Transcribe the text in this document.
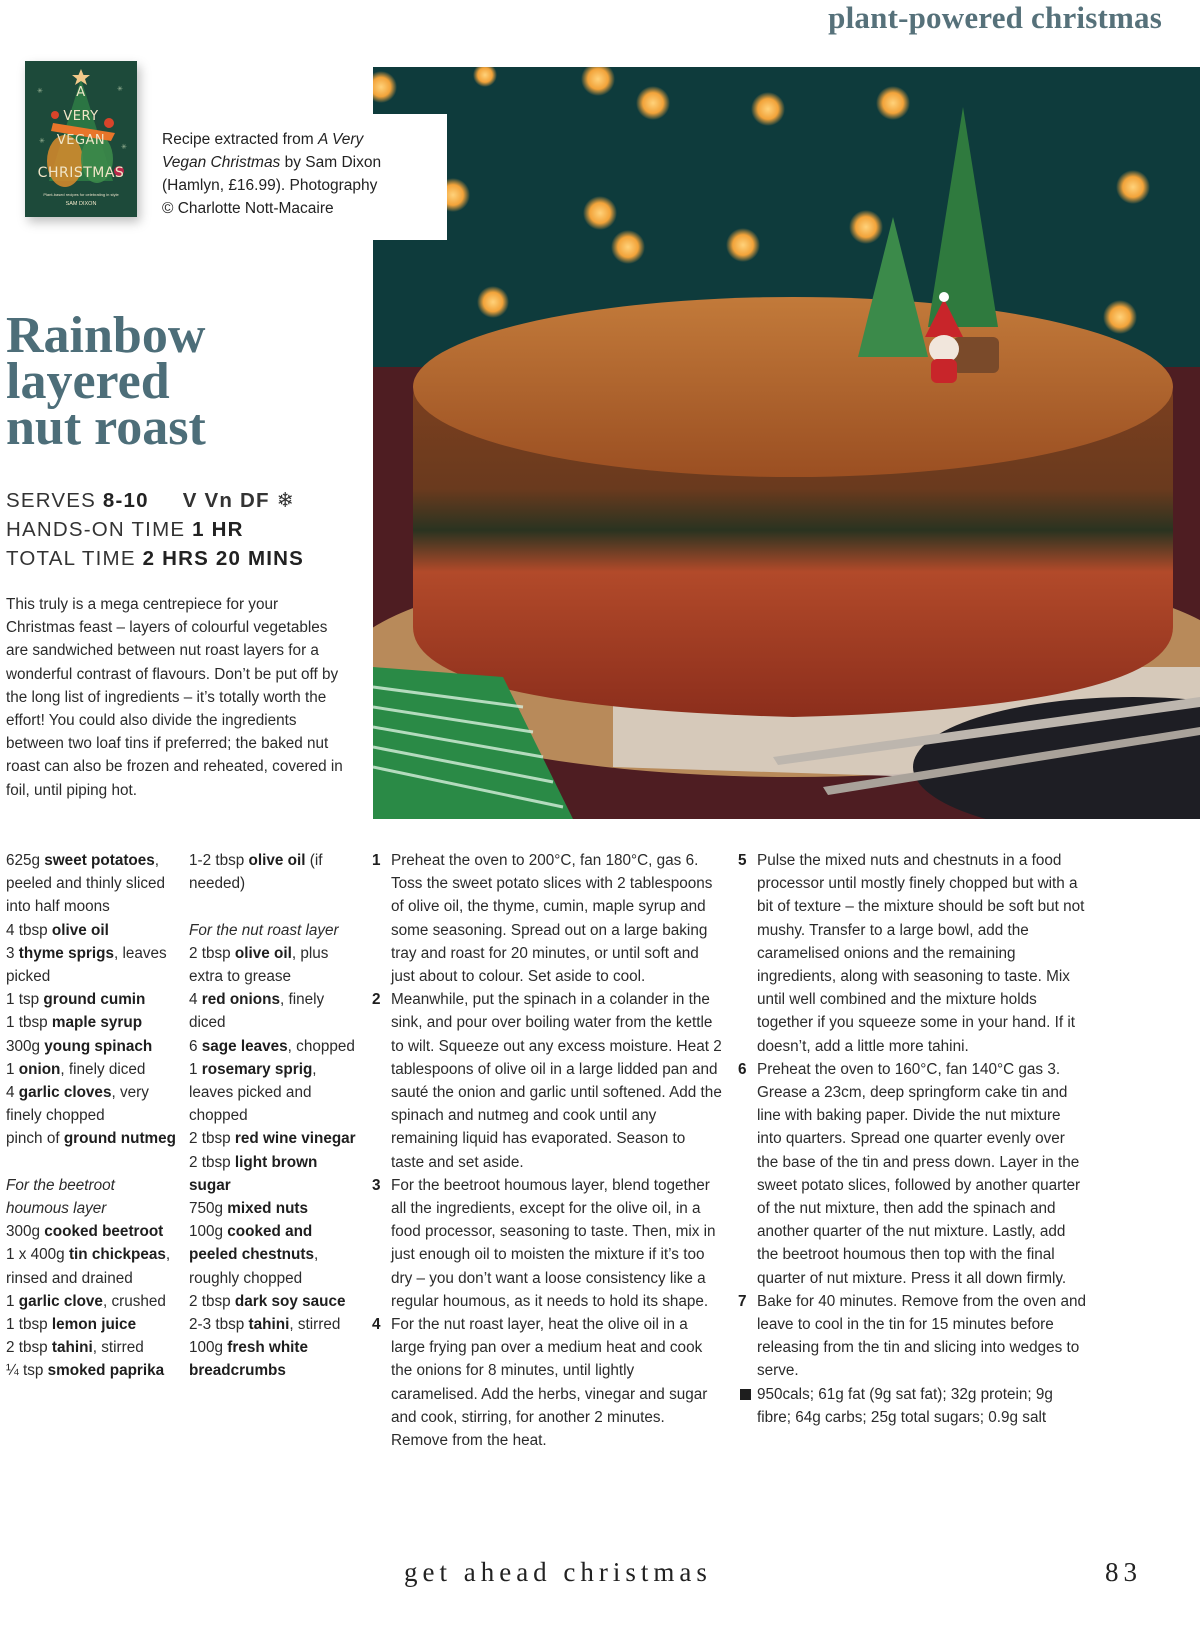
plant-powered christmas
✳	✳
✳
✳
A
VERY
VEGAN
CHRISTMAS
Plant-based recipes for celebrating in style
SAM DIXON
Recipe extracted from A Very
Vegan Christmas by Sam Dixon
(Hamlyn, £16.99). Photography
© Charlotte Nott-Macaire
Rainbow
layered
nut roast
SERVES 8-10 V Vn DF ❄
HANDS-ON TIME 1 HR
TOTAL TIME 2 HRS 20 MINS

This truly is a mega centrepiece for your Christmas feast – layers of colourful vegetables are sandwiched between nut roast layers for a wonderful contrast of flavours. Don’t be put off by the long list of ingredients – it’s totally worth the effort! You could also divide the ingredients between two loaf tins if preferred; the baked nut roast can also be frozen and reheated, covered in foil, until piping hot.

625g sweet potatoes, peeled and thinly sliced into half moons

4 tbsp olive oil

3 thyme sprigs, leaves picked

1 tsp ground cumin

1 tbsp maple syrup

300g young spinach

1 onion, finely diced

4 garlic cloves, very finely chopped

pinch of ground nutmeg

For the beetroot houmous layer

300g cooked beetroot

1 x 400g tin chickpeas, rinsed and drained

1 garlic clove, crushed

1 tbsp lemon juice

2 tbsp tahini, stirred

¼ tsp smoked paprika

1-2 tbsp olive oil (if needed)

For the nut roast layer

2 tbsp olive oil, plus extra to grease

4 red onions, finely diced

6 sage leaves, chopped

1 rosemary sprig, leaves picked and chopped

2 tbsp red wine vinegar

2 tbsp light brown sugar

750g mixed nuts

100g cooked and peeled chestnuts, roughly chopped

2 tbsp dark soy sauce

2-3 tbsp tahini, stirred

100g fresh white breadcrumbs

1 Preheat the oven to 200°C, fan 180°C, gas 6. Toss the sweet potato slices with 2 tablespoons of olive oil, the thyme, cumin, maple syrup and some seasoning. Spread out on a large baking tray and roast for 20 minutes, or until soft and just about to colour. Set aside to cool.
2 Meanwhile, put the spinach in a colander in the sink, and pour over boiling water from the kettle to wilt. Squeeze out any excess moisture. Heat 2 tablespoons of olive oil in a large lidded pan and sauté the onion and garlic until softened. Add the spinach and nutmeg and cook until any remaining liquid has evaporated. Season to taste and set aside.
3 For the beetroot houmous layer, blend together all the ingredients, except for the olive oil, in a food processor, seasoning to taste. Then, mix in just enough oil to moisten the mixture if it’s too dry – you don’t want a loose consistency like a regular houmous, as it needs to hold its shape.
4 For the nut roast layer, heat the olive oil in a large frying pan over a medium heat and cook the onions for 8 minutes, until lightly caramelised. Add the herbs, vinegar and sugar and cook, stirring, for another 2 minutes. Remove from the heat.
5 Pulse the mixed nuts and chestnuts in a food processor until mostly finely chopped but with a bit of texture – the mixture should be soft but not mushy. Transfer to a large bowl, add the caramelised onions and the remaining ingredients, along with seasoning to taste. Mix until well combined and the mixture holds together if you squeeze some in your hand. If it doesn’t, add a little more tahini.
6 Preheat the oven to 160°C, fan 140°C gas 3. Grease a 23cm, deep springform cake tin and line with baking paper. Divide the nut mixture into quarters. Spread one quarter evenly over the base of the tin and press down. Layer in the sweet potato slices, followed by another quarter of the nut mixture, then add the spinach and another quarter of the nut mixture. Lastly, add the beetroot houmous then top with the final quarter of nut mixture. Press it all down firmly.
7 Bake for 40 minutes. Remove from the oven and leave to cool in the tin for 15 minutes before releasing from the tin and slicing into wedges to serve.
950cals; 61g fat (9g sat fat); 32g protein; 9g fibre; 64g carbs; 25g total sugars; 0.9g salt
get ahead christmas	83
